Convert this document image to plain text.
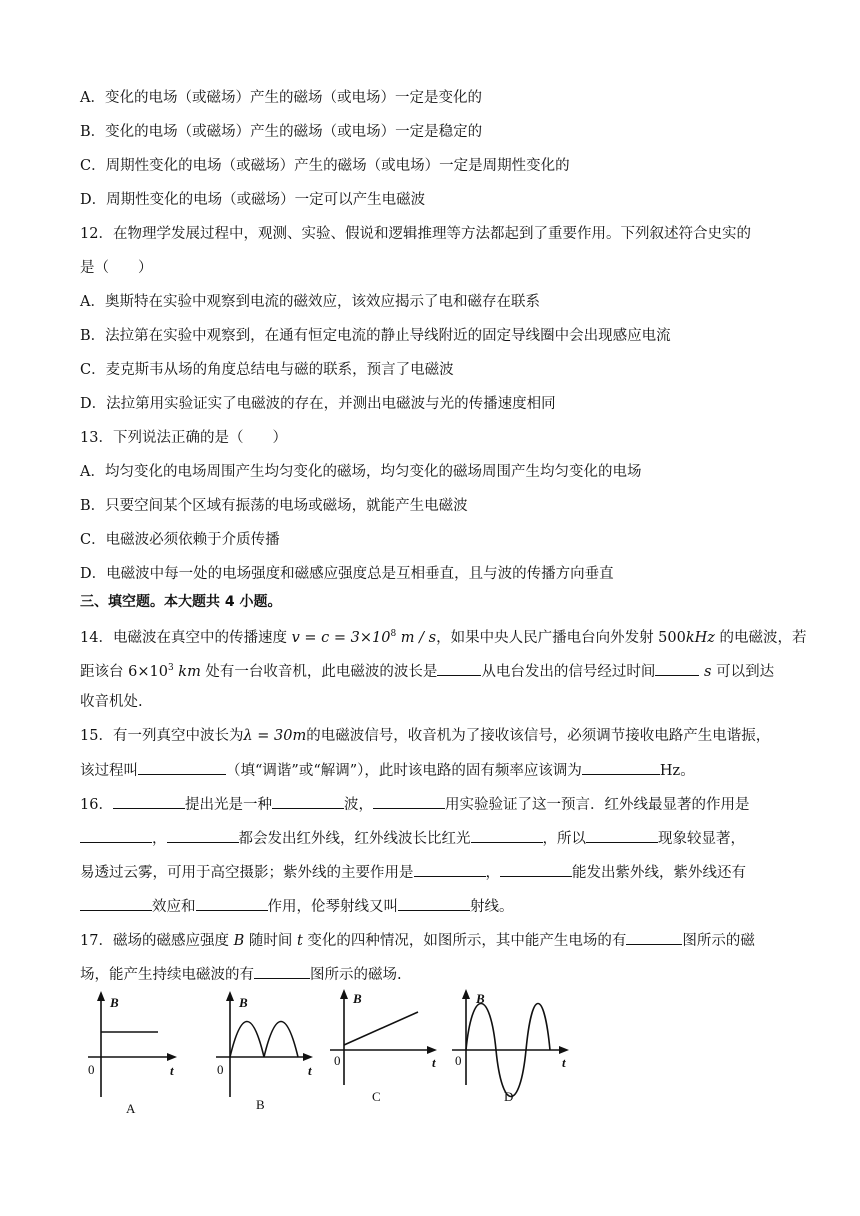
A．变化的电场（或磁场）产生的磁场（或电场）一定是变化的
B．变化的电场（或磁场）产生的磁场（或电场）一定是稳定的
C．周期性变化的电场（或磁场）产生的磁场（或电场）一定是周期性变化的
D．周期性变化的电场（或磁场）一定可以产生电磁波
12．在物理学发展过程中，观测、实验、假说和逻辑推理等方法都起到了重要作用。下列叙述符合史实的
是（　　）
A．奥斯特在实验中观察到电流的磁效应，该效应揭示了电和磁存在联系
B．法拉第在实验中观察到，在通有恒定电流的静止导线附近的固定导线圈中会出现感应电流
C．麦克斯韦从场的角度总结电与磁的联系，预言了电磁波
D．法拉第用实验证实了电磁波的存在，并测出电磁波与光的传播速度相同
13．下列说法正确的是（　　）
A．均匀变化的电场周围产生均匀变化的磁场，均匀变化的磁场周围产生均匀变化的电场
B．只要空间某个区域有振荡的电场或磁场，就能产生电磁波
C．电磁波必须依赖于介质传播
D．电磁波中每一处的电场强度和磁感应强度总是互相垂直，且与波的传播方向垂直
三、填空题。本大题共 4 小题。
14．电磁波在真空中的传播速度 $v = c = 3\times 10^8$ m / s，如果中央人民广播电台向外发射 500kHz 的电磁波，若
距该台 $6\times 10^3$ km 处有一台收音机，此电磁波的波长是	从电台发出的信号经过时间	s 可以到达
收音机处.
15．有一列真空中波长为λ = 30m的电磁波信号，收音机为了接收该信号，必须调节接收电路产生电谐振，
该过程叫	（填“调谐”或“解调”），此时该电路的固有频率应该调为	Hz。
16．	提出光是一种	波，	用实验验证了这一预言．红外线最显著的作用是
，	都会发出红外线，红外线波长比红光	，所以	现象较显著，
易透过云雾，可用于高空摄影；紫外线的主要作用是	，	能发出紫外线，紫外线还有
效应和	作用，伦琴射线又叫	射线。
17．磁场的磁感应强度 B 随时间 t 变化的四种情况，如图所示，其中能产生电场的有	图所示的磁
场，能产生持续电磁波的有	图所示的磁场.
B
t
0
A
B
t
0
B
B
t
0
C
B
t
0
D
